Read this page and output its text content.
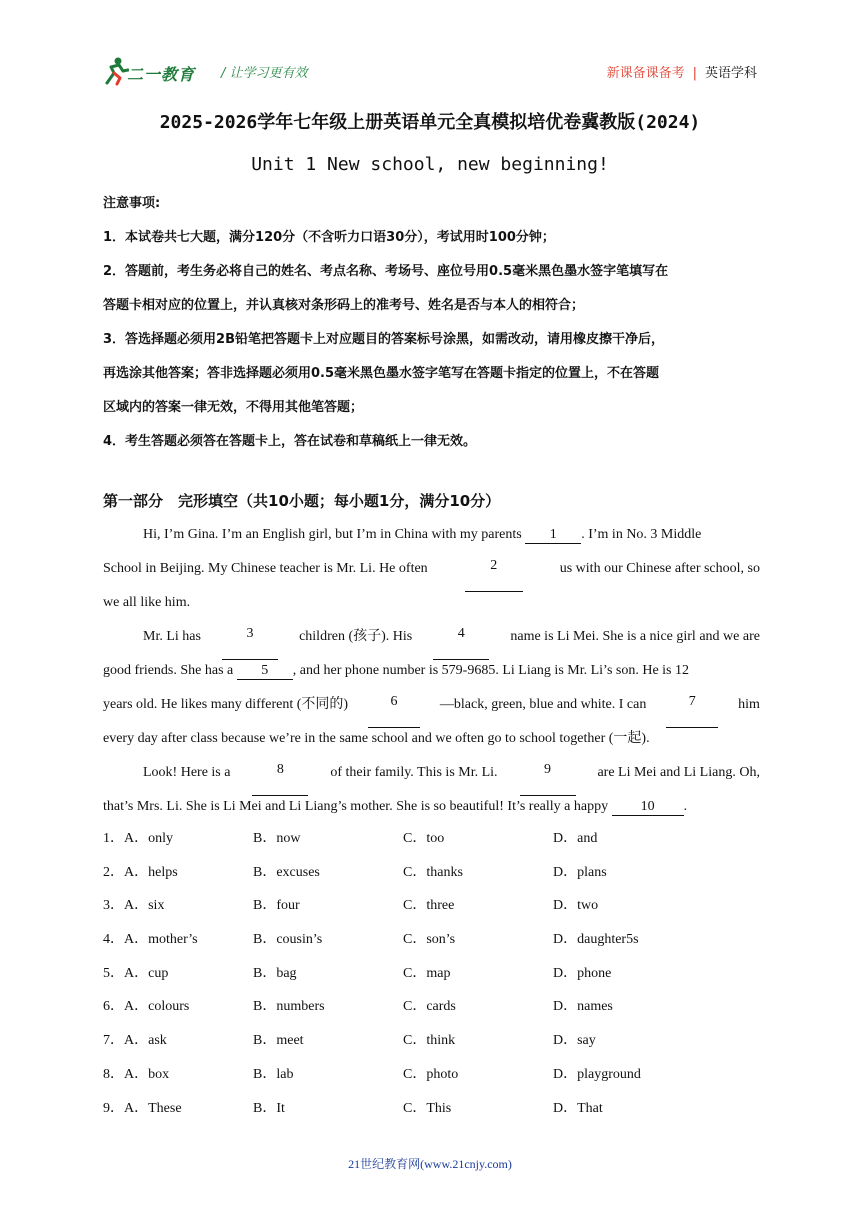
二一教育 / 让学习更有效	新课备课备考 | 英语学科
2025-2026学年七年级上册英语单元全真模拟培优卷冀教版(2024)
Unit 1 New school, new beginning!
注意事项:
1．本试卷共七大题，满分120分（不含听力口语30分），考试用时100分钟；
2．答题前，考生务必将自己的姓名、考点名称、考场号、座位号用0.5毫米黑色墨水签字笔填写在
答题卡相对应的位置上，并认真核对条形码上的准考号、姓名是否与本人的相符合；
3．答选择题必须用2B铅笔把答题卡上对应题目的答案标号涂黑，如需改动，请用橡皮擦干净后，
再选涂其他答案；答非选择题必须用0.5毫米黑色墨水签字笔写在答题卡指定的位置上，不在答题
区域内的答案一律无效，不得用其他笔答题；
4．考生答题必须答在答题卡上，答在试卷和草稿纸上一律无效。
第一部分　完形填空（共10小题；每小题1分，满分10分）
Hi, I’m Gina. I’m an English girl, but I’m in China with my parents 1 . I’m in No. 3 Middle
School in Beijing. My Chinese teacher is Mr. Li. He often	2	us with our Chinese after school, so
we all like him.
Mr. Li has	3	children (孩子). His	4	name is Li Mei. She is a nice girl and we are
good friends. She has a 5 , and her phone number is 579-9685. Li Liang is Mr. Li’s son. He is 12
years old. He likes many different (不同的)	6	—black, green, blue and white. I can	7	him
every day after class because we’re in the same school and we often go to school together (一起).
Look! Here is a	8	of their family. This is Mr. Li.	9	are Li Mei and Li Liang. Oh,
that’s Mrs. Li. She is Li Mei and Li Liang’s mother. She is so beautiful! It’s really a happy 10 .
1．A．only	B．now	C．too	D．and
2．A．helps	B．excuses	C．thanks	D．plans
3．A．six	B．four	C．three	D．two
4．A．mother’s	B．cousin’s	C．son’s	D．daughter5s
5．A．cup	B．bag	C．map	D．phone
6．A．colours	B．numbers	C．cards	D．names
7．A．ask	B．meet	C．think	D．say
8．A．box	B．lab	C．photo	D．playground
9．A．These	B．It	C．This	D．That
21世纪教育网(www.21cnjy.com)
